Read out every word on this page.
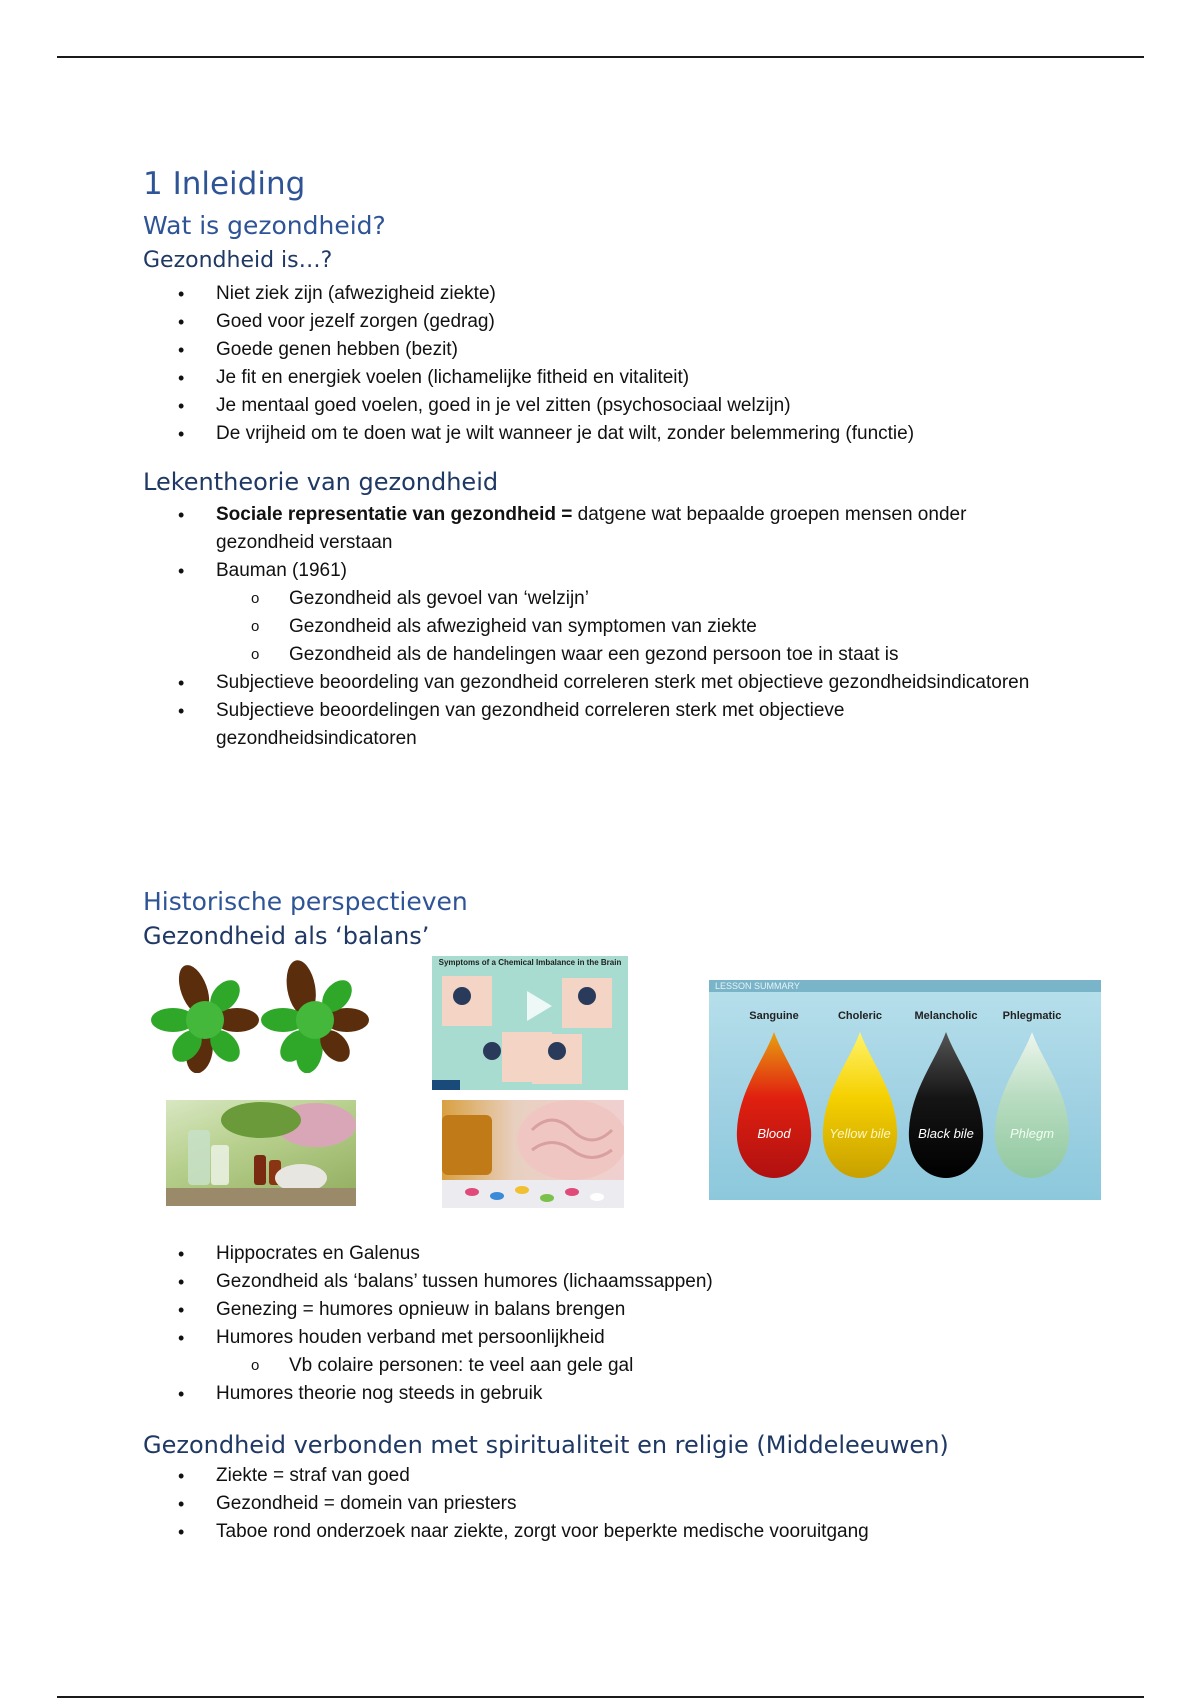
1 Inleiding
Wat is gezondheid?
Gezondheid is…?
• Niet ziek zijn (afwezigheid ziekte)
• Goed voor jezelf zorgen (gedrag)
• Goede genen hebben (bezit)
• Je fit en energiek voelen (lichamelijke fitheid en vitaliteit)
• Je mentaal goed voelen, goed in je vel zitten (psychosociaal welzijn)
• De vrijheid om te doen wat je wilt wanneer je dat wilt, zonder belemmering (functie)
Lekentheorie van gezondheid
• Sociale representatie van gezondheid = datgene wat bepaalde groepen mensen onder gezondheid verstaan
• Bauman (1961)
o Gezondheid als gevoel van ‘welzijn’
o Gezondheid als afwezigheid van symptomen van ziekte
o Gezondheid als de handelingen waar een gezond persoon toe in staat is
• Subjectieve beoordeling van gezondheid correleren sterk met objectieve gezondheidsindicatoren
• Subjectieve beoordelingen van gezondheid correleren sterk met objectieve gezondheidsindicatoren
Historische perspectieven
Gezondheid als ‘balans’
Symptoms of a Chemical Imbalance in the Brain
LESSON SUMMARY
Sanguine	Choleric	Melancholic	Phlegmatic
Blood	Yellow bile	Black bile	Phlegm
• Hippocrates en Galenus
• Gezondheid als ‘balans’ tussen humores (lichaamssappen)
• Genezing = humores opnieuw in balans brengen
• Humores houden verband met persoonlijkheid
o Vb colaire personen: te veel aan gele gal
• Humores theorie nog steeds in gebruik
Gezondheid verbonden met spiritualiteit en religie (Middeleeuwen)
• Ziekte = straf van goed
• Gezondheid = domein van priesters
• Taboe rond onderzoek naar ziekte, zorgt voor beperkte medische vooruitgang
